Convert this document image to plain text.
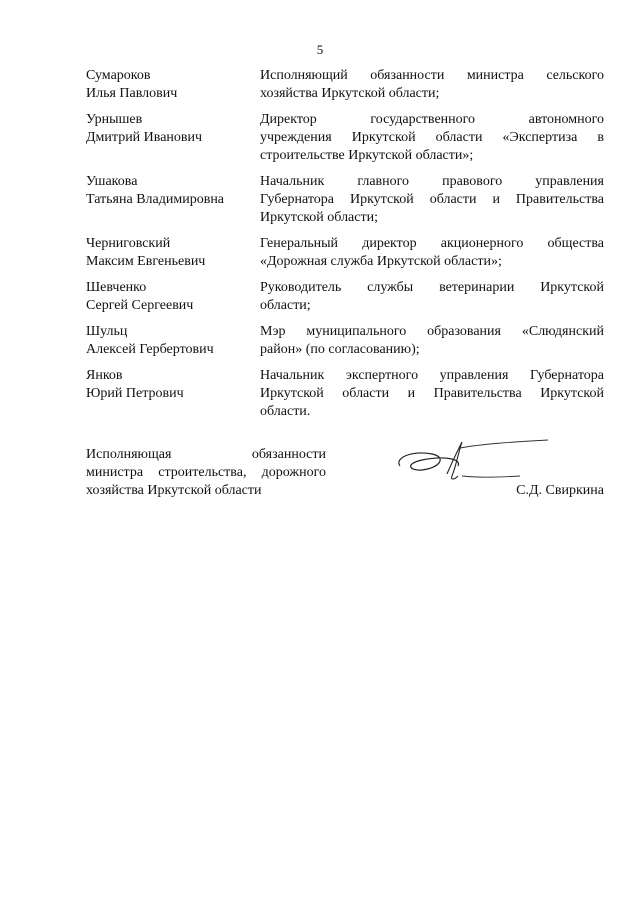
5
Сумароков
Илья Павлович
Исполняющий обязанности министра сельского
хозяйства Иркутской области;
Урнышев
Дмитрий Иванович
Директор государственного автономного
учреждения Иркутской области «Экспертиза в
строительстве Иркутской области»;
Ушакова
Татьяна Владимировна
Начальник главного правового управления
Губернатора Иркутской области и Правительства
Иркутской области;
Черниговский
Максим Евгеньевич
Генеральный директор акционерного общества
«Дорожная служба Иркутской области»;
Шевченко
Сергей Сергеевич
Руководитель службы ветеринарии Иркутской
области;
Шульц
Алексей Гербертович
Мэр муниципального образования «Слюдянский
район» (по согласованию);
Янков
Юрий Петрович
Начальник экспертного управления Губернатора
Иркутской области и Правительства Иркутской
области.
Исполняющая обязанности
министра строительства, дорожного
хозяйства Иркутской области	С.Д. Свиркина
